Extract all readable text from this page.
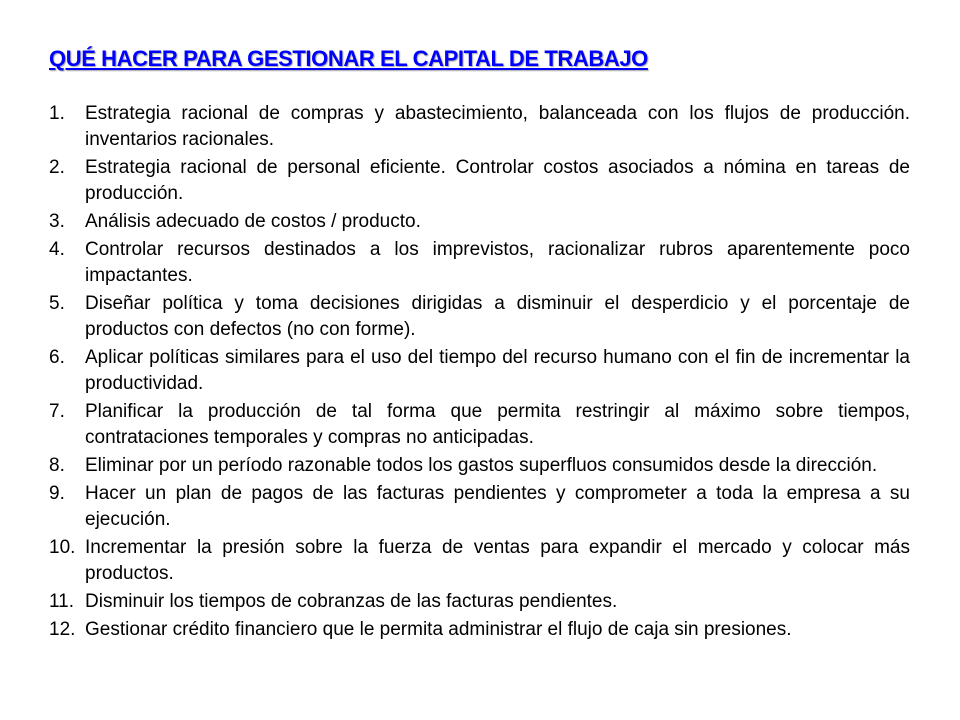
QUÉ HACER PARA GESTIONAR EL CAPITAL DE TRABAJO
1.	Estrategia racional de compras y abastecimiento, balanceada con los flujos de producción. inventarios racionales.
2.	Estrategia racional de personal eficiente. Controlar costos asociados a nómina en tareas de producción.
3.	Análisis adecuado de costos / producto.
4.	Controlar recursos destinados a los imprevistos, racionalizar rubros aparentemente poco impactantes.
5.	Diseñar política y toma decisiones dirigidas a disminuir el desperdicio y el porcentaje de productos con defectos (no con forme).
6.	Aplicar políticas similares para el uso del tiempo del recurso humano con el fin de incrementar la productividad.
7.	Planificar la producción de tal forma que permita restringir al máximo sobre tiempos, contrataciones temporales y compras no anticipadas.
8.	Eliminar por un período razonable todos los gastos superfluos consumidos desde la dirección.
9.	Hacer un plan de pagos de las facturas pendientes y comprometer a toda la empresa a su ejecución.
10. Incrementar la presión sobre la fuerza de ventas para expandir el mercado y colocar más productos.
11. Disminuir los tiempos de cobranzas de las facturas pendientes.
12. Gestionar crédito financiero que le permita administrar el flujo de caja sin presiones.
